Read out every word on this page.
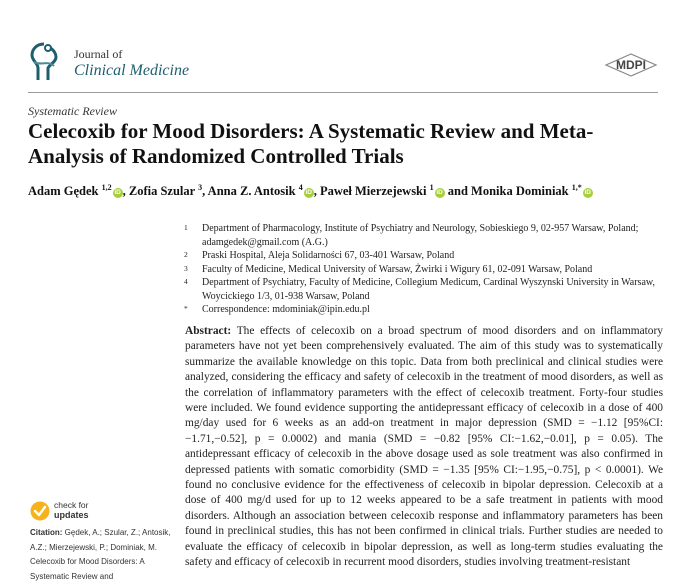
Journal of
Clinical Medicine	MDPI
Systematic Review
Celecoxib for Mood Disorders: A Systematic Review and Meta-Analysis of Randomized Controlled Trials
Adam Gędek $^{1,2}$iD , Zofia Szular $^3$, Anna Z. Antosik $^4$iD , Paweł Mierzejewski $^1$iD and Monika Dominiak $^{1,*}$iD
1	Department of Pharmacology, Institute of Psychiatry and Neurology, Sobieskiego 9, 02-957 Warsaw, Poland; adamgedek@gmail.com (A.G.)
2	Praski Hospital, Aleja Solidarności 67, 03-401 Warsaw, Poland
3	Faculty of Medicine, Medical University of Warsaw, Żwirki i Wigury 61, 02-091 Warsaw, Poland
4	Department of Psychiatry, Faculty of Medicine, Collegium Medicum, Cardinal Wyszynski University in Warsaw, Woycickiego 1/3, 01-938 Warsaw, Poland
*	Correspondence: mdominiak@ipin.edu.pl
Abstract: The effects of celecoxib on a broad spectrum of mood disorders and on inflammatory parameters have not yet been comprehensively evaluated. The aim of this study was to systematically summarize the available knowledge on this topic. Data from both preclinical and clinical studies were analyzed, considering the efficacy and safety of celecoxib in the treatment of mood disorders, as well as the correlation of inflammatory parameters with the effect of celecoxib treatment. Forty-four studies were included. We found evidence supporting the antidepressant efficacy of celecoxib in a dose of 400 mg/day used for 6 weeks as an add-on treatment in major depression (SMD = −1.12 [95%CI: −1.71,−0.52], p = 0.0002) and mania (SMD = −0.82 [95% CI:−1.62,−0.01], p = 0.05). The antidepressant efficacy of celecoxib in the above dosage used as sole treatment was also confirmed in depressed patients with somatic comorbidity (SMD = −1.35 [95% CI:−1.95,−0.75], p < 0.0001). We found no conclusive evidence for the effectiveness of celecoxib in bipolar depression. Celecoxib at a dose of 400 mg/d used for up to 12 weeks appeared to be a safe treatment in patients with mood disorders. Although an association between celecoxib response and inflammatory parameters has been found in preclinical studies, this has not been confirmed in clinical trials. Further studies are needed to evaluate the efficacy of celecoxib in bipolar depression, as well as long-term studies evaluating the safety and efficacy of celecoxib in recurrent mood disorders, studies involving treatment-resistant
check for
updates
Citation: Gędek, A.; Szular, Z.; Antosik, A.Z.; Mierzejewski, P.; Dominiak, M. Celecoxib for Mood Disorders: A Systematic Review and
